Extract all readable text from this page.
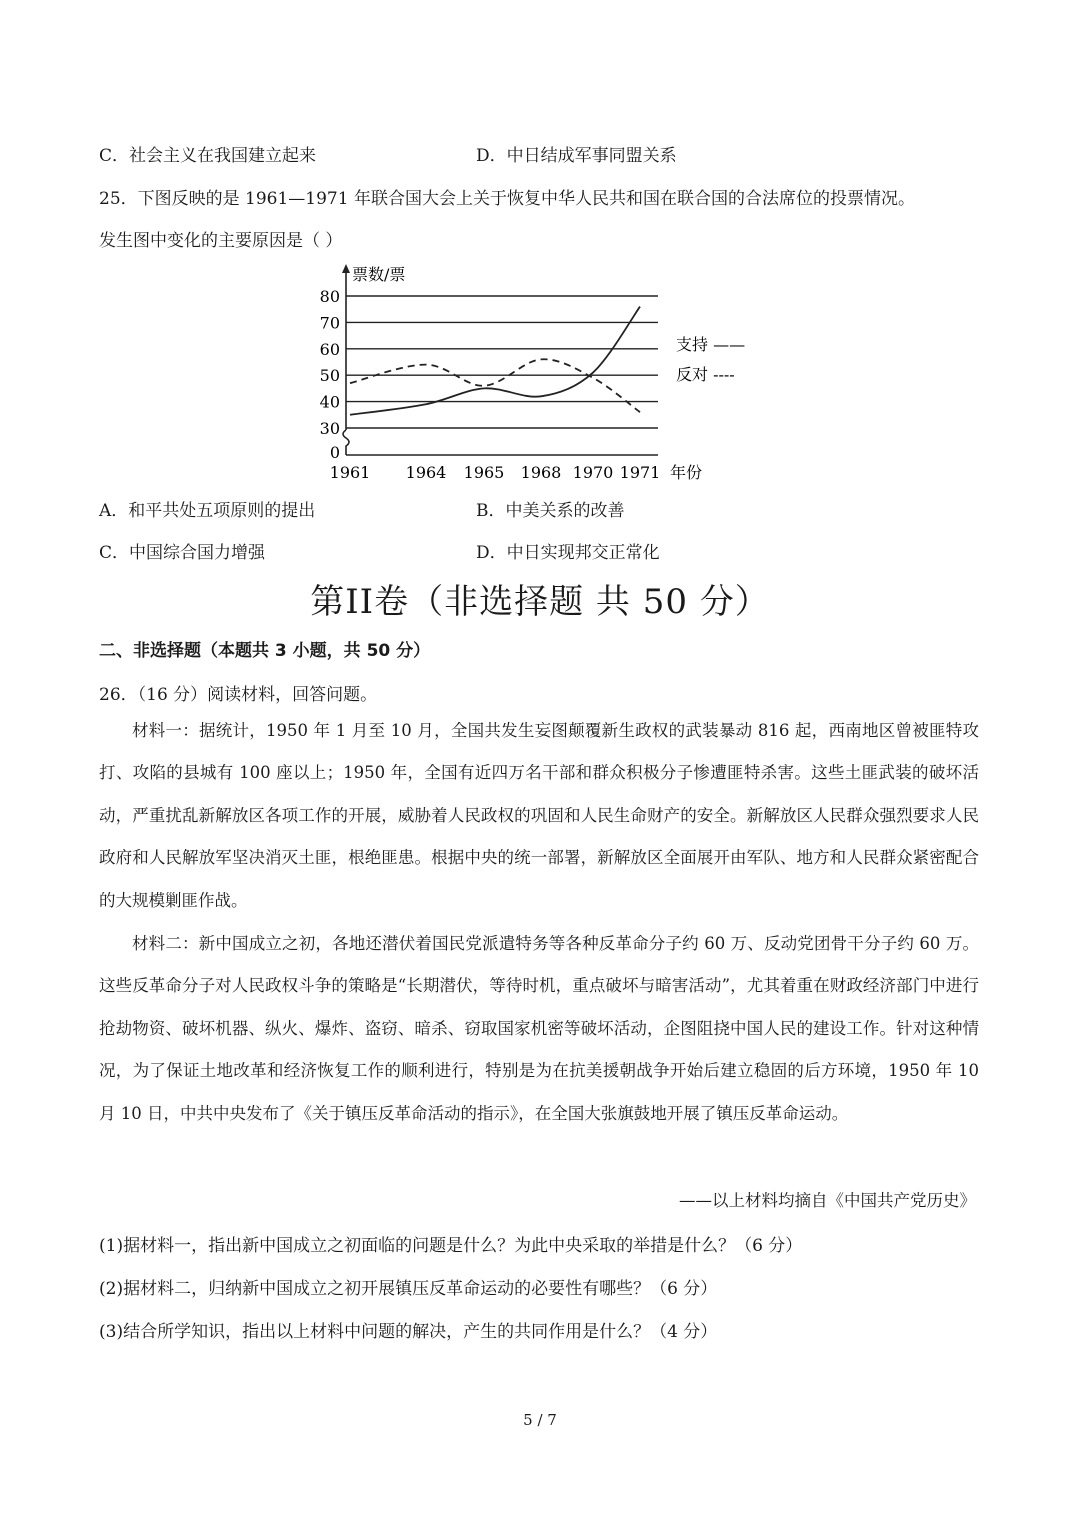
C．社会主义在我国建立起来	D．中日结成军事同盟关系
25．下图反映的是 1961—1971 年联合国大会上关于恢复中华人民共和国在联合国的合法席位的投票情况。
发生图中变化的主要原因是（ ）
80
70
60
50
40
30
0
1961 1964 1965 1968 1970 1971
票数/票
年份
支持 ——
反对 ----
A．和平共处五项原则的提出	B．中美关系的改善
C．中国综合国力增强	D．中日实现邦交正常化
第II卷（非选择题 共 50 分）
二、非选择题（本题共 3 小题，共 50 分）
26．（16 分）阅读材料，回答问题。
材料一：据统计，1950 年 1 月至 10 月，全国共发生妄图颠覆新生政权的武装暴动 816 起，西南地区曾被匪特攻打、攻陷的县城有 100 座以上；1950 年，全国有近四万名干部和群众积极分子惨遭匪特杀害。这些土匪武装的破坏活动，严重扰乱新解放区各项工作的开展，威胁着人民政权的巩固和人民生命财产的安全。新解放区人民群众强烈要求人民政府和人民解放军坚决消灭土匪，根绝匪患。根据中央的统一部署，新解放区全面展开由军队、地方和人民群众紧密配合的大规模剿匪作战。
材料二：新中国成立之初，各地还潜伏着国民党派遣特务等各种反革命分子约 60 万、反动党团骨干分子约 60 万。这些反革命分子对人民政权斗争的策略是“长期潜伏，等待时机，重点破坏与暗害活动”，尤其着重在财政经济部门中进行抢劫物资、破坏机器、纵火、爆炸、盗窃、暗杀、窃取国家机密等破坏活动，企图阻挠中国人民的建设工作。针对这种情况，为了保证土地改革和经济恢复工作的顺利进行，特别是为在抗美援朝战争开始后建立稳固的后方环境，1950 年 10 月 10 日，中共中央发布了《关于镇压反革命活动的指示》，在全国大张旗鼓地开展了镇压反革命运动。
——以上材料均摘自《中国共产党历史》
(1)据材料一，指出新中国成立之初面临的问题是什么？为此中央采取的举措是什么？（6 分）
(2)据材料二，归纳新中国成立之初开展镇压反革命运动的必要性有哪些？（6 分）
(3)结合所学知识，指出以上材料中问题的解决，产生的共同作用是什么？（4 分）
5 / 7
